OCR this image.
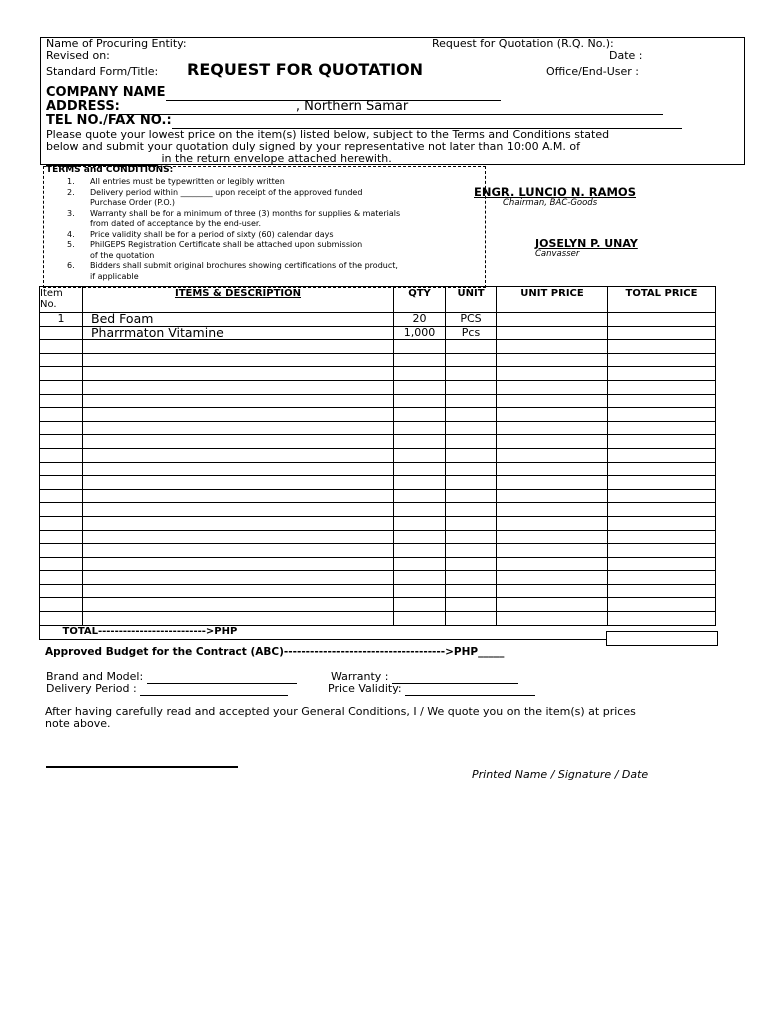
Name of Procuring Entity:
Revised on:
Request for Quotation (R.Q. No.):
Date :
Standard Form/Title: REQUEST FOR QUOTATION	Office/End-User :
COMPANY NAME
ADDRESS:	, Northern Samar
TEL NO./FAX NO.:
Please quote your lowest price on the item(s) listed below, subject to the Terms and Conditions stated
below and submit your quotation duly signed by your representative not later than 10:00 A.M. of
in the return envelope attached herewith.
TERMS and CONDITIONS:
1. All entries must be typewritten or legibly written
2. Delivery period within ________ upon receipt of the approved funded
Purchase Order (P.O.)
3. Warranty shall be for a minimum of three (3) months for supplies & materials
from dated of acceptance by the end-user.
4. Price validity shall be for a period of sixty (60) calendar days
5. PhilGEPS Registration Certificate shall be attached upon submission
of the quotation
6. Bidders shall submit original brochures showing certifications of the product,
if applicable
ENGR. LUNCIO N. RAMOS
Chairman, BAC-Goods
JOSELYN P. UNAY
Canvasser
Item No.	ITEMS & DESCRIPTION	QTY	UNIT	UNIT PRICE	TOTAL PRICE
1	Bed Foam	20	PCS		
	Pharrmaton Vitamine	1,000	Pcs		

		TOTAL-------------------------->PHP			
Approved Budget for the Contract (ABC)------------------------------------->PHP_____
Brand and Model:	Warranty :
Delivery Period :	Price Validity:
After having carefully read and accepted your General Conditions, I / We quote you on the item(s) at prices
note above.
Printed Name / Signature / Date
